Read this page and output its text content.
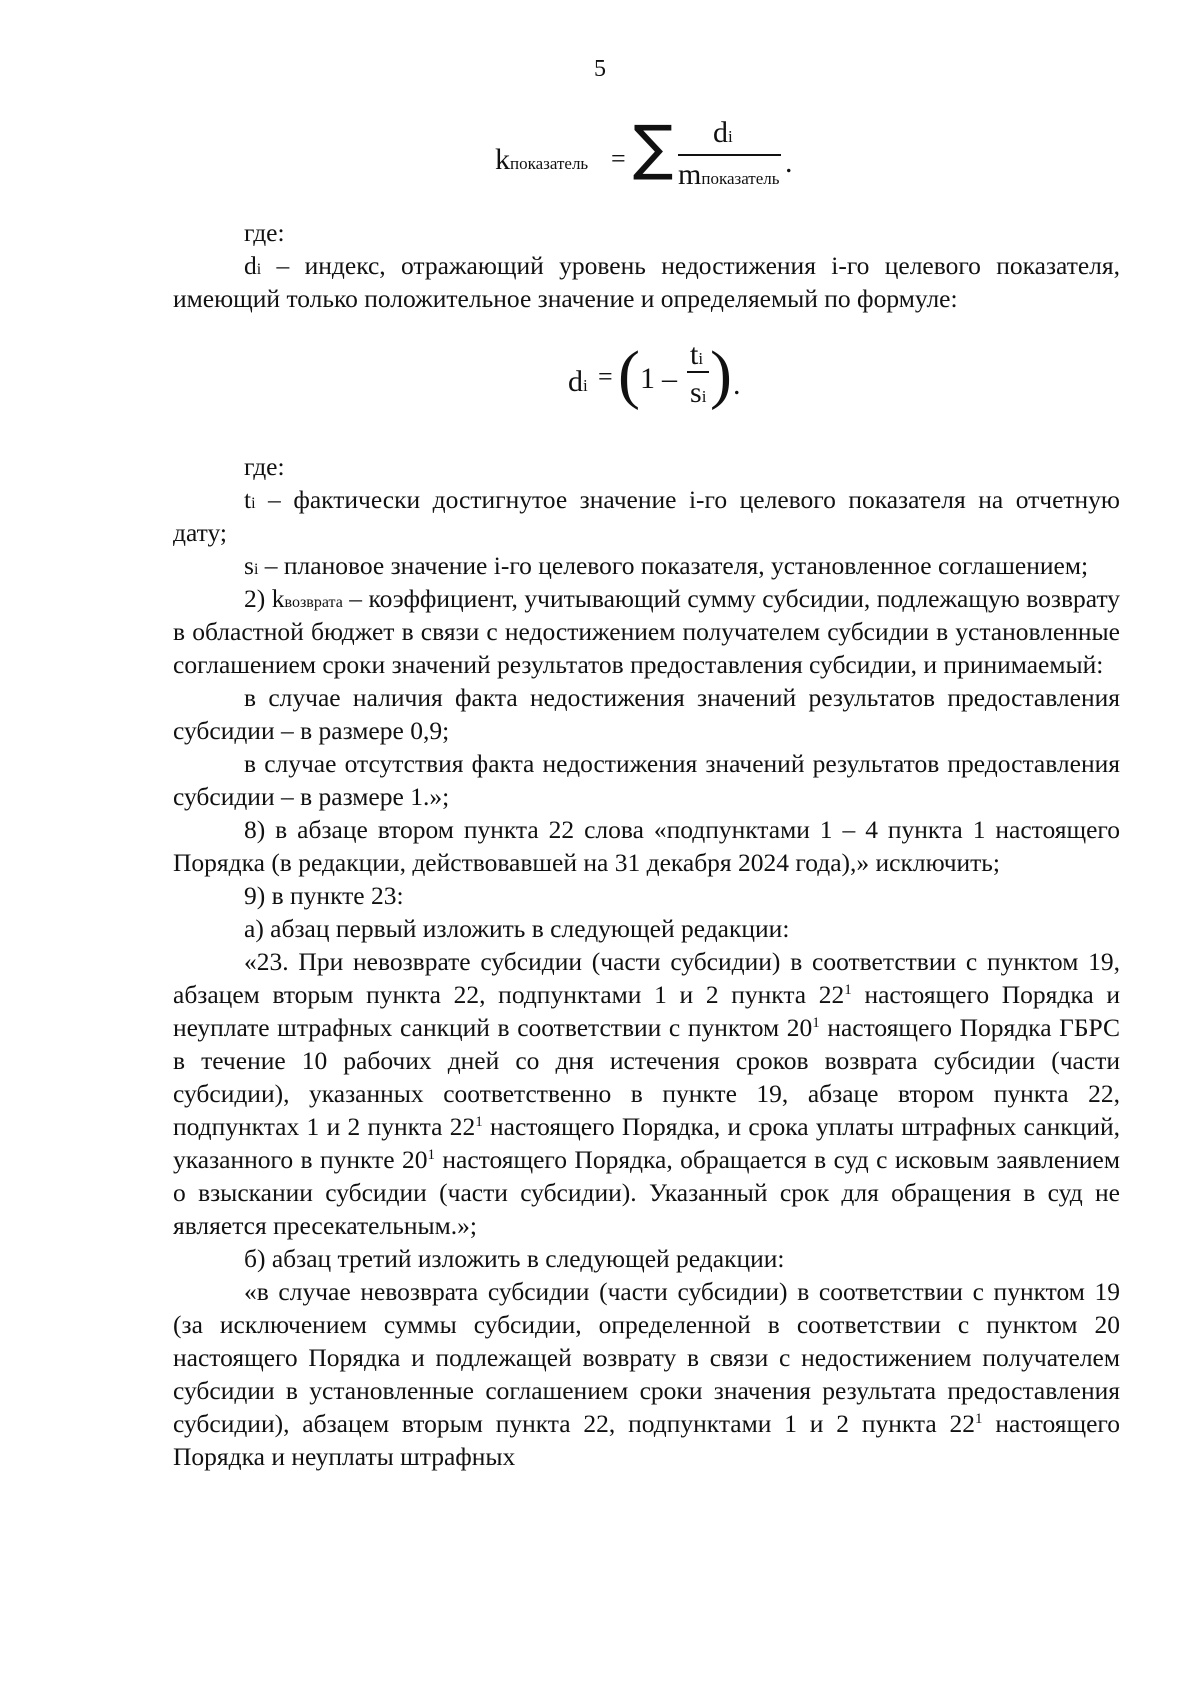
5
kпоказатель = ∑ di
mпоказатель .

где:

di – индекс, отражающий уровень недостижения i-го целевого показателя, имеющий только положительное значение и определяемый по формуле:

di = ( 1 –
ti
si ) .

где:

ti – фактически достигнутое значение i-го целевого показателя на отчетную дату;

si – плановое значение i-го целевого показателя, установленное соглашением;

2) kвозврата – коэффициент, учитывающий сумму субсидии, подлежащую возврату в областной бюджет в связи с недостижением получателем субсидии в установленные соглашением сроки значений результатов предоставления субсидии, и принимаемый:

в случае наличия факта недостижения значений результатов предоставления субсидии – в размере 0,9;

в случае отсутствия факта недостижения значений результатов предоставления субсидии – в размере 1.»;

8) в абзаце втором пункта 22 слова «подпунктами 1 – 4 пункта 1 настоящего Порядка (в редакции, действовавшей на 31 декабря 2024 года),» исключить;

9) в пункте 23:

а) абзац первый изложить в следующей редакции:

«23. При невозврате субсидии (части субсидии) в соответствии с пунктом 19, абзацем вторым пункта 22, подпунктами 1 и 2 пункта $22^1$ настоящего Порядка и неуплате штрафных санкций в соответствии с пунктом $20^1$ настоящего Порядка ГБРС в течение 10 рабочих дней со дня истечения сроков возврата субсидии (части субсидии), указанных соответственно в пункте 19, абзаце втором пункта 22, подпунктах 1 и 2 пункта $22^1$ настоящего Порядка, и срока уплаты штрафных санкций, указанного в пункте $20^1$ настоящего Порядка, обращается в суд с исковым заявлением о взыскании субсидии (части субсидии). Указанный срок для обращения в суд не является пресекательным.»;

б) абзац третий изложить в следующей редакции:

«в случае невозврата субсидии (части субсидии) в соответствии с пунктом 19 (за исключением суммы субсидии, определенной в соответствии с пунктом 20 настоящего Порядка и подлежащей возврату в связи с недостижением получателем субсидии в установленные соглашением сроки значения результата предоставления субсидии), абзацем вторым пункта 22, подпунктами 1 и 2 пункта $22^1$ настоящего Порядка и неуплаты штрафных
